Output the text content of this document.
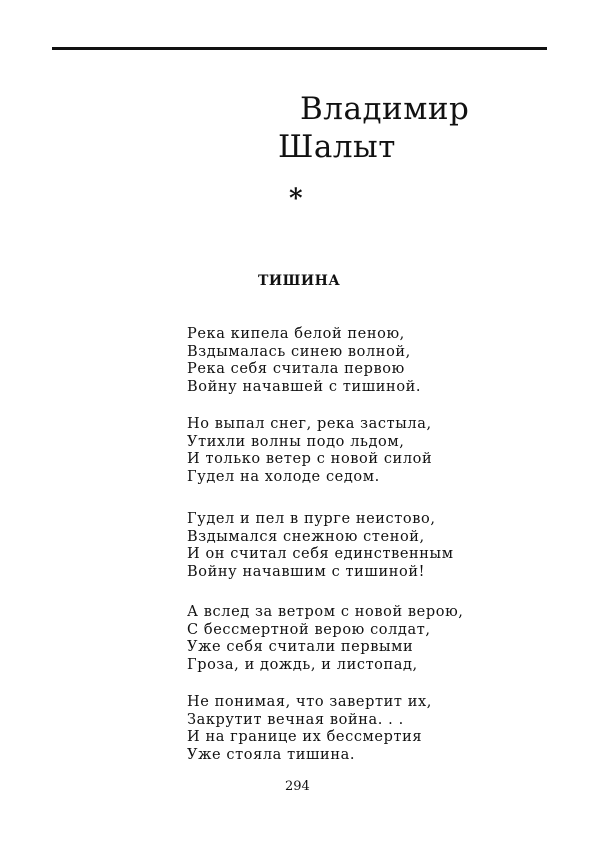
Владимир
Шалыт
*
ТИШИНА
Река кипела белой пеною,
Вздымалась синею волной,
Река себя считала первою
Войну начавшей с тишиной.
Но выпал снег, река застыла,
Утихли волны подо льдом,
И только ветер с новой силой
Гудел на холоде седом.
Гудел и пел в пурге неистово,
Вздымался снежною стеной,
И он считал себя единственным
Войну начавшим с тишиной!
А вслед за ветром с новой верою,
С бессмертной верою солдат,
Уже себя считали первыми
Гроза, и дождь, и листопад,
Не понимая, что завертит их,
Закрутит вечная война. . .
И на границе их бессмертия
Уже стояла тишина.
294
